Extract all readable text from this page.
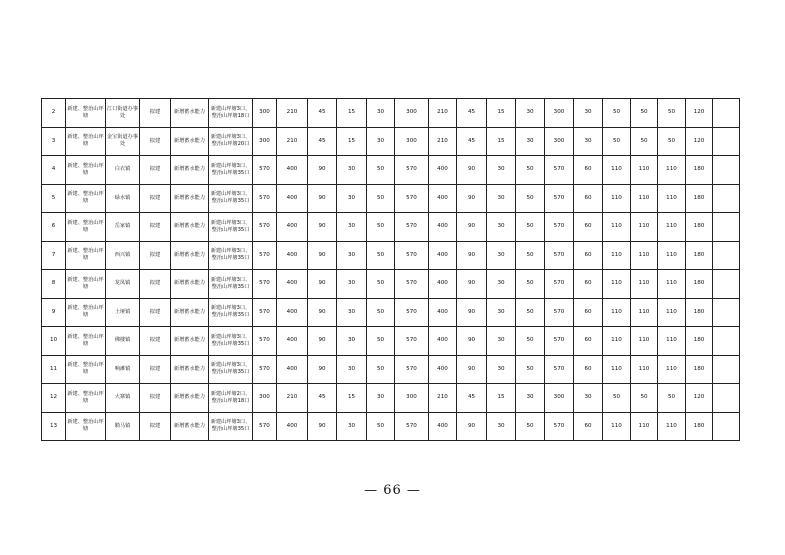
2	新建、整治山坪塘	江口街道办事处	拟建	新增蓄水能力	新建山坪塘3口、整治山坪塘18口	300	210	45	15	30	300	210	45	15	30	300	30	50	50	50	120	
3	新建、整治山坪塘	金宝街道办事处	拟建	新增蓄水能力	新建山坪塘3口、整治山坪塘20口	300	210	45	15	30	300	210	45	15	30	300	30	50	50	50	120	
4	新建、整治山坪塘	白衣镇	拟建	新增蓄水能力	新建山坪塘3口、整治山坪塘35口	570	400	90	30	50	570	400	90	30	50	570	60	110	110	110	180	
5	新建、整治山坪塘	绿水镇	拟建	新增蓄水能力	新建山坪塘3口、整治山坪塘35口	570	400	90	30	50	570	400	90	30	50	570	60	110	110	110	180	
6	新建、整治山坪塘	岳家镇	拟建	新增蓄水能力	新建山坪塘3口、整治山坪塘35口	570	400	90	30	50	570	400	90	30	50	570	60	110	110	110	180	
7	新建、整治山坪塘	西兴镇	拟建	新增蓄水能力	新建山坪塘3口、整治山坪塘35口	570	400	90	30	50	570	400	90	30	50	570	60	110	110	110	180	
8	新建、整治山坪塘	龙凤镇	拟建	新增蓄水能力	新建山坪塘3口、整治山坪塘35口	570	400	90	30	50	570	400	90	30	50	570	60	110	110	110	180	
9	新建、整治山坪塘	土垭镇	拟建	新增蓄水能力	新建山坪塘3口、整治山坪塘35口	570	400	90	30	50	570	400	90	30	50	570	60	110	110	110	180	
10	新建、整治山坪塘	佛楼镇	拟建	新增蓄水能力	新建山坪塘3口、整治山坪塘35口	570	400	90	30	50	570	400	90	30	50	570	60	110	110	110	180	
11	新建、整治山坪塘	响滩镇	拟建	新增蓄水能力	新建山坪塘3口、整治山坪塘35口	570	400	90	30	50	570	400	90	30	50	570	60	110	110	110	180	
12	新建、整治山坪塘	大寨镇	拟建	新增蓄水能力	新建山坪塘2口、整治山坪塘18口	300	210	45	15	30	300	210	45	15	30	300	30	50	50	50	120	
13	新建、整治山坪塘	騎马镇	拟建	新增蓄水能力	新建山坪塘3口、整治山坪塘35口	570	400	90	30	50	570	400	90	30	50	570	60	110	110	110	180	
— 66 —
